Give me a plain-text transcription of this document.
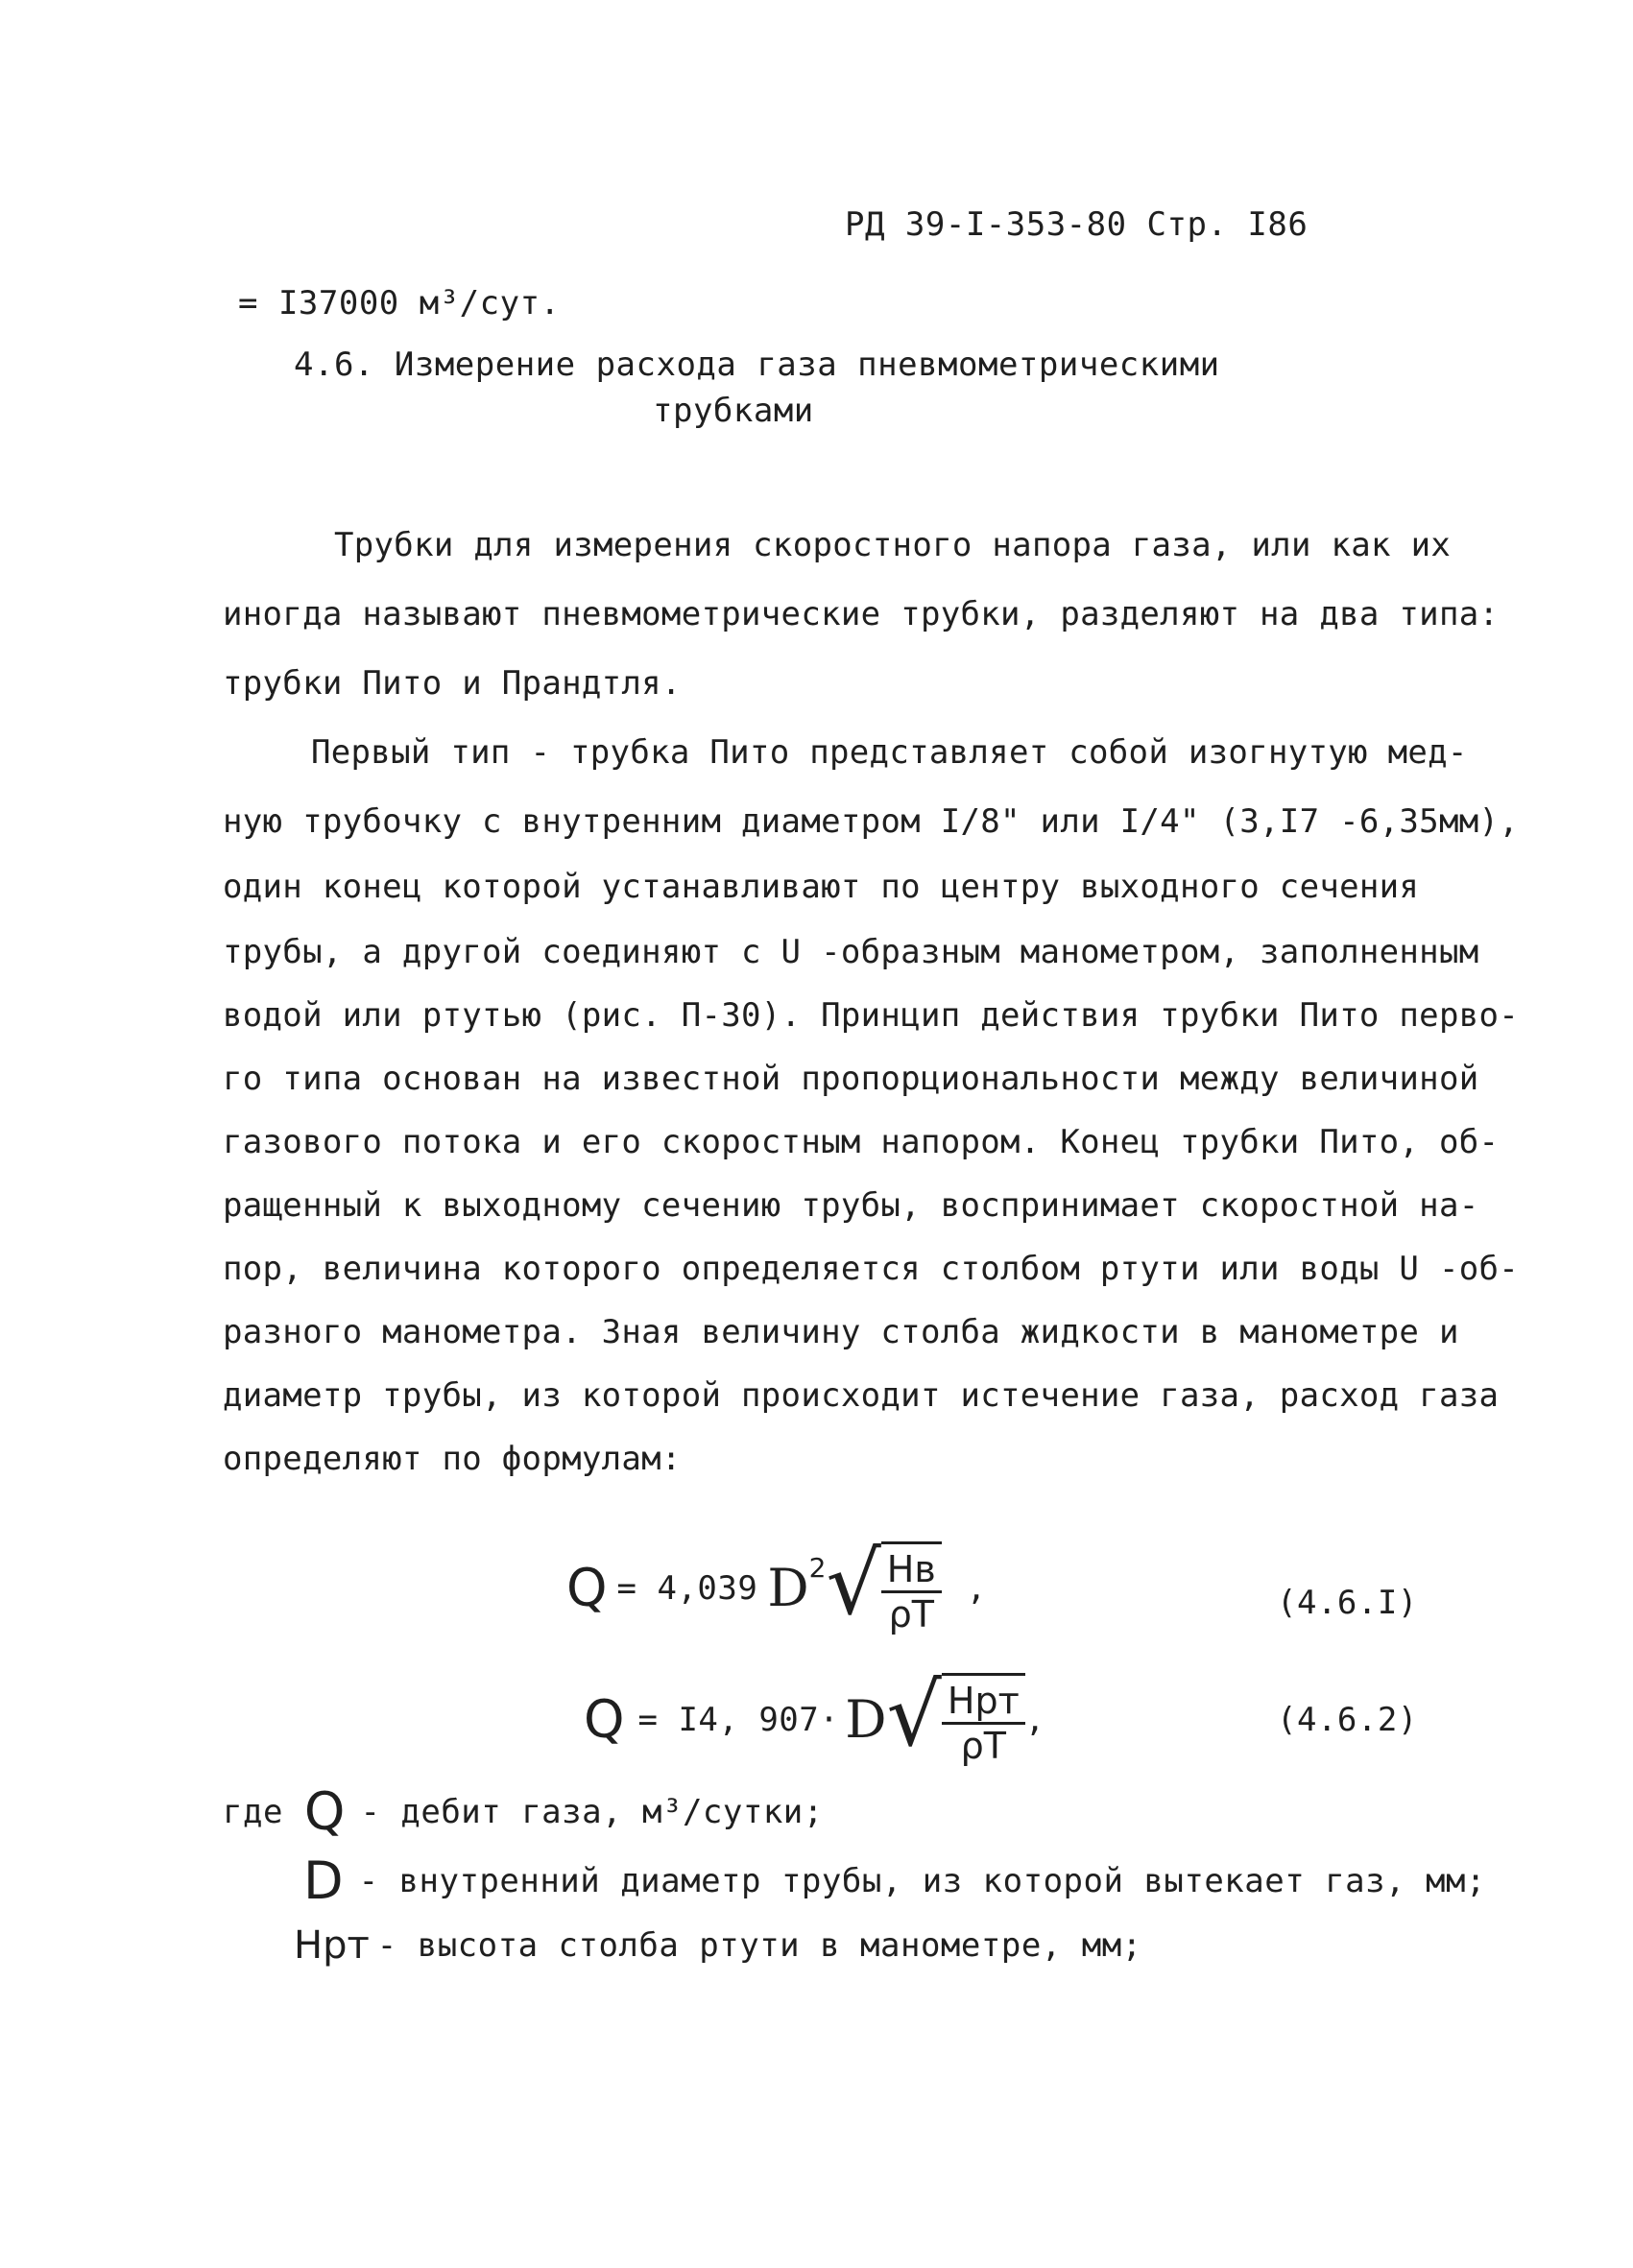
РД 39-I-353-80 Стр. I86
= I37000 м³/сут.
4.6. Измерение расхода газа пневмометрическими
трубками
Трубки для измерения скоростного напора газа, или как их
иногда называют пневмометрические трубки, разделяют на два типа:
трубки Пито и Прандтля.
Первый тип - трубка Пито представляет собой изогнутую мед-
ную трубочку с внутренним диаметром I/8" или I/4" (3,I7 -6,35мм),
один конец которой устанавливают по центру выходного сечения
трубы, а другой соединяют с U -образным манометром, заполненным
водой или ртутью (рис. П-30). Принцип действия трубки Пито перво-
го типа основан на известной пропорциональности между величиной
газового потока и его скоростным напором. Конец трубки Пито, об-
ращенный к выходному сечению трубы, воспринимает скоростной на-
пор, величина которого определяется столбом ртути или воды U -об-
разного манометра. Зная величину столба жидкости в манометре и
диаметр трубы, из которой происходит истечение газа, расход газа
определяют по формулам:
Q = 4,039 $D^2$ √ $\frac{Hв}{\rho T}$ ,	(4.6.I)
Q = I4, 907· D √ $\frac{\text{Hрт}}{\rho T}$ ,	(4.6.2)
где Q - дебит газа, м³/сутки;
D - внутренний диаметр трубы, из которой вытекает газ, мм;
Hрт - высота столба ртути в манометре, мм;
